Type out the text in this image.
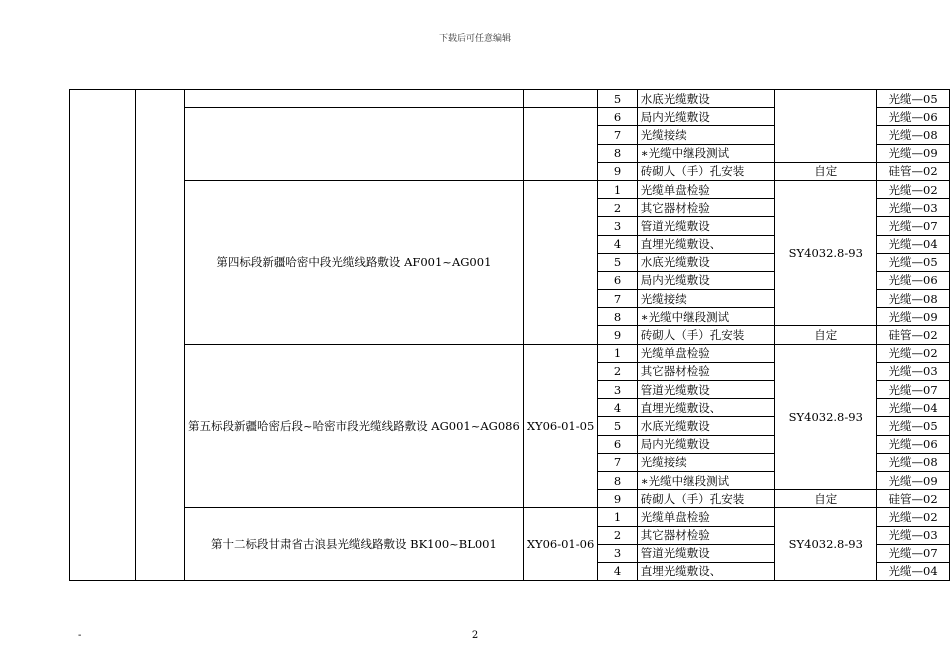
下载后可任意编辑
				5	水底光缆敷设		光缆—05
				6	局内光缆敷设		光缆—06
				7	光缆接续		光缆—08
				8	∗光缆中继段测试		光缆—09
				9	砖砌人（手）孔安装	自定	硅管—02
		第四标段新疆哈密中段光缆线路敷设 AF001~AG001		1	光缆单盘检验	SY4032.8-93	光缆—02
				2	其它器材检验		光缆—03
				3	管道光缆敷设		光缆—07
				4	直埋光缆敷设、		光缆—04
				5	水底光缆敷设		光缆—05
				6	局内光缆敷设		光缆—06
				7	光缆接续		光缆—08
				8	∗光缆中继段测试		光缆—09
				9	砖砌人（手）孔安装	自定	硅管—02
		第五标段新疆哈密后段~哈密市段光缆线路敷设 AG001~AG086	XY06-01-05	1	光缆单盘检验	SY4032.8-93	光缆—02
				2	其它器材检验		光缆—03
				3	管道光缆敷设		光缆—07
				4	直埋光缆敷设、		光缆—04
				5	水底光缆敷设		光缆—05
				6	局内光缆敷设		光缆—06
				7	光缆接续		光缆—08
				8	∗光缆中继段测试		光缆—09
				9	砖砌人（手）孔安装	自定	硅管—02
		第十二标段甘肃省古浪县光缆线路敷设 BK100~BL001	XY06-01-06	1	光缆单盘检验	SY4032.8-93	光缆—02
				2	其它器材检验		光缆—03
				3	管道光缆敷设		光缆—07
				4	直埋光缆敷设、		光缆—04
-	2
